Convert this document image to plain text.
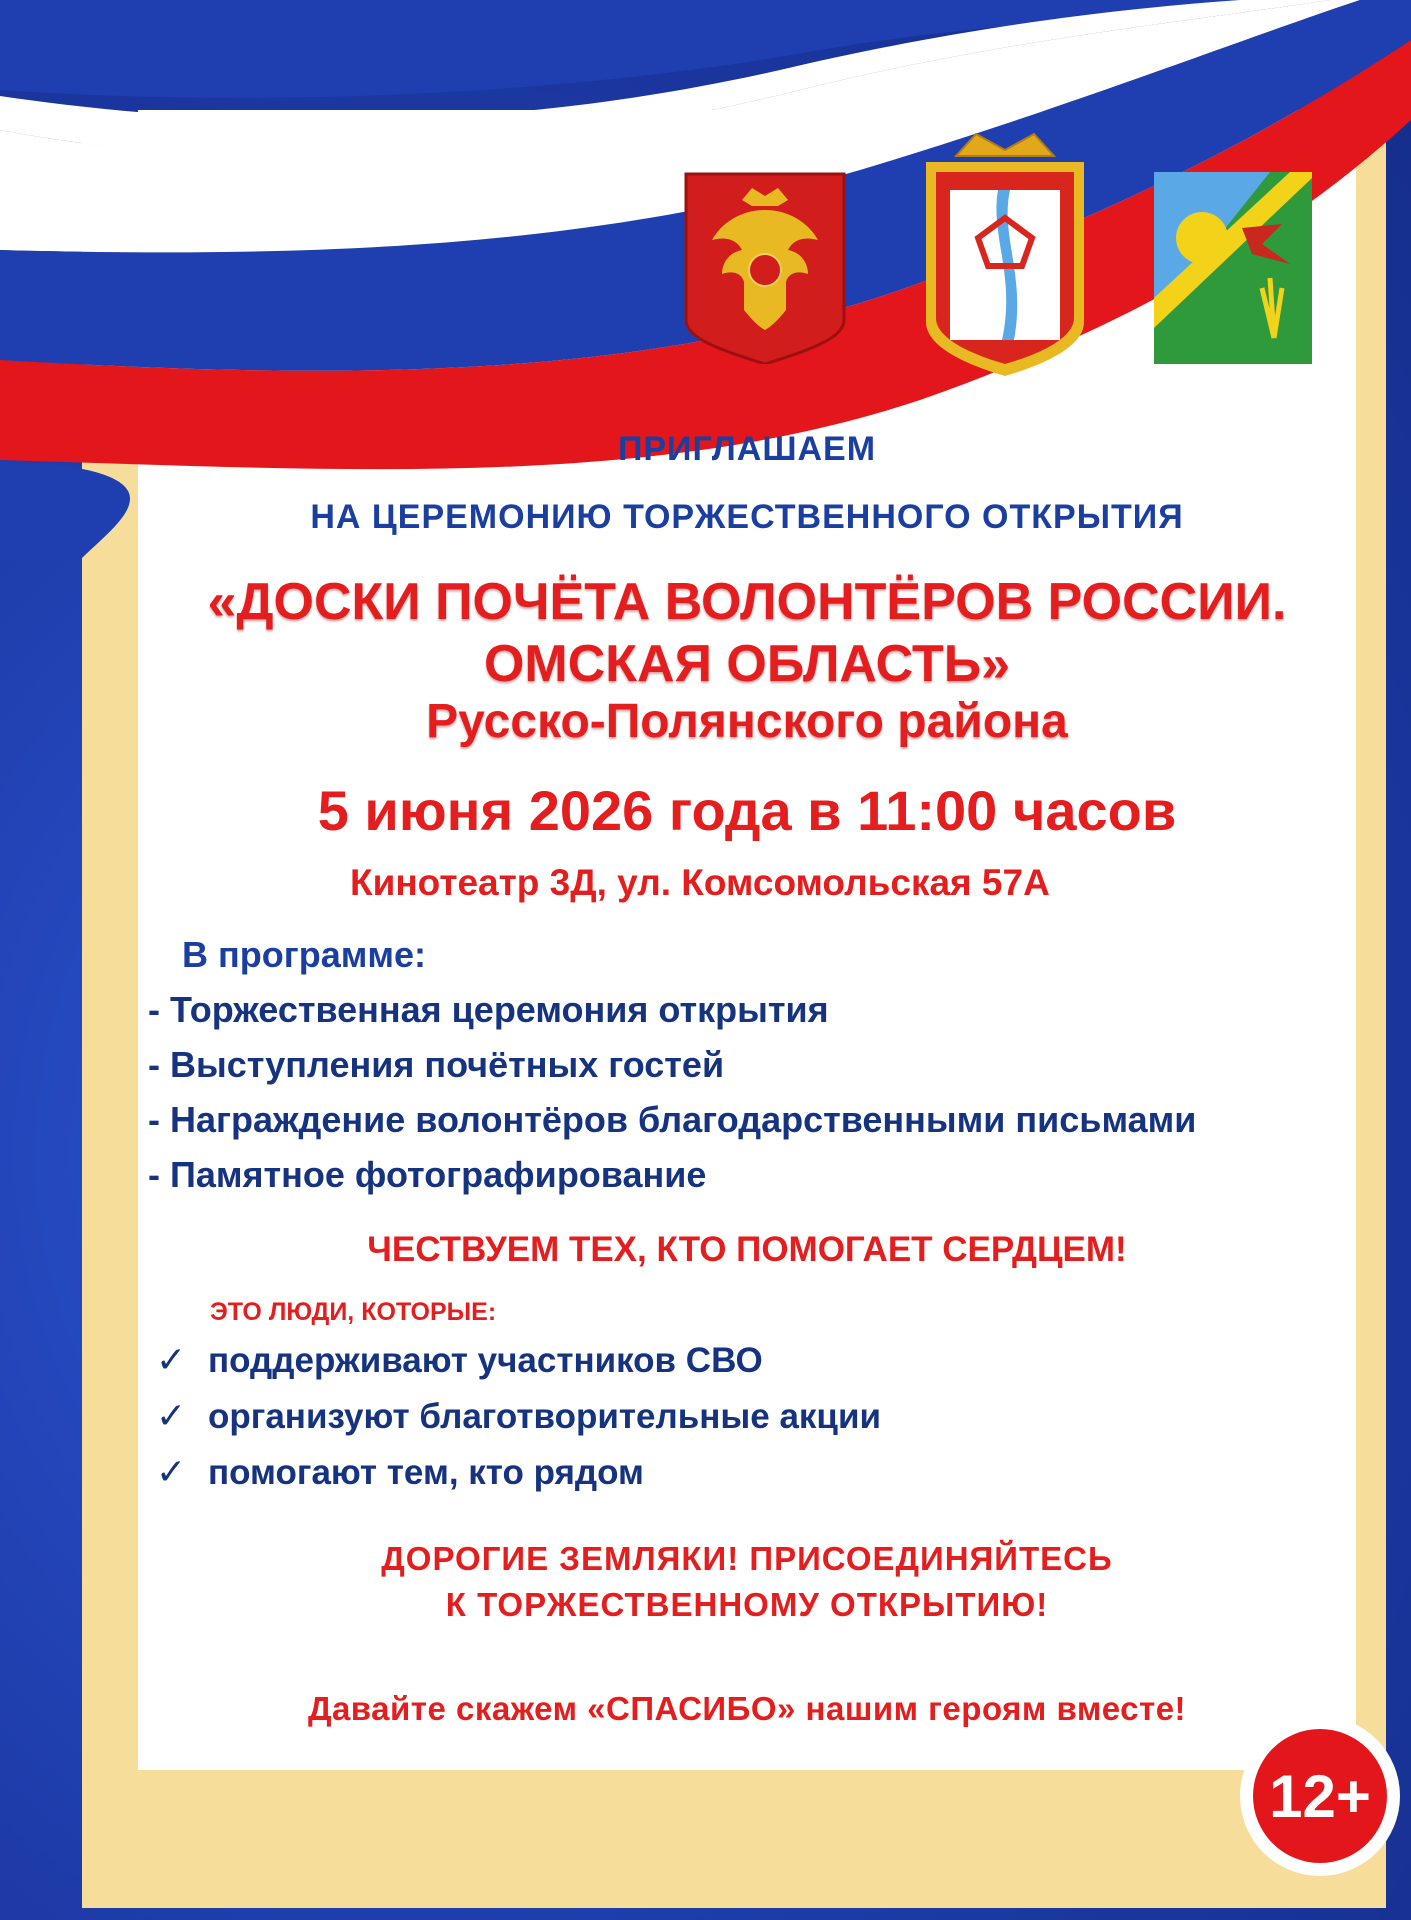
ПРИГЛАШАЕМ
НА ЦЕРЕМОНИЮ ТОРЖЕСТВЕННОГО ОТКРЫТИЯ
«ДОСКИ ПОЧЁТА ВОЛОНТЁРОВ РОССИИ.
ОМСКАЯ ОБЛАСТЬ»
Русско-Полянского района
5 июня 2026 года в 11:00 часов
Кинотеатр 3Д, ул. Комсомольская 57А
В программе:
- Торжественная церемония открытия
- Выступления почётных гостей
- Награждение волонтёров благодарственными письмами
- Памятное фотографирование
ЧЕСТВУЕМ ТЕХ, КТО ПОМОГАЕТ СЕРДЦЕМ!
ЭТО ЛЮДИ, КОТОРЫЕ:
✓ поддерживают участников СВО
✓ организуют благотворительные акции
✓ помогают тем, кто рядом
ДОРОГИЕ ЗЕМЛЯКИ! ПРИСОЕДИНЯЙТЕСЬ
К ТОРЖЕСТВЕННОМУ ОТКРЫТИЮ!
Давайте скажем «СПАСИБО» нашим героям вместе!
12+
